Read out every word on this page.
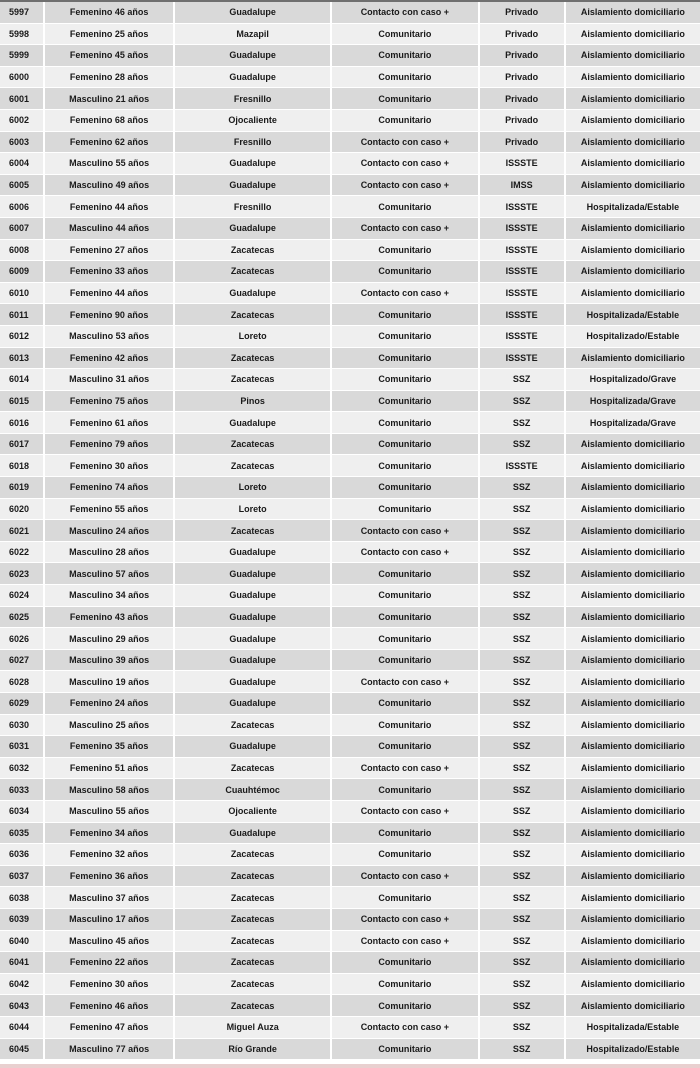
5997	Femenino 46 años	Guadalupe	Contacto con caso +	Privado	Aislamiento domiciliario
5998	Femenino 25 años	Mazapil	Comunitario	Privado	Aislamiento domiciliario
5999	Femenino 45 años	Guadalupe	Comunitario	Privado	Aislamiento domiciliario
6000	Femenino 28 años	Guadalupe	Comunitario	Privado	Aislamiento domiciliario
6001	Masculino 21 años	Fresnillo	Comunitario	Privado	Aislamiento domiciliario
6002	Femenino 68 años	Ojocaliente	Comunitario	Privado	Aislamiento domiciliario
6003	Femenino 62 años	Fresnillo	Contacto con caso +	Privado	Aislamiento domiciliario
6004	Masculino 55 años	Guadalupe	Contacto con caso +	ISSSTE	Aislamiento domiciliario
6005	Masculino 49 años	Guadalupe	Contacto con caso +	IMSS	Aislamiento domiciliario
6006	Femenino 44 años	Fresnillo	Comunitario	ISSSTE	Hospitalizada/Estable
6007	Masculino 44 años	Guadalupe	Contacto con caso +	ISSSTE	Aislamiento domiciliario
6008	Femenino 27 años	Zacatecas	Comunitario	ISSSTE	Aislamiento domiciliario
6009	Femenino 33 años	Zacatecas	Comunitario	ISSSTE	Aislamiento domiciliario
6010	Femenino 44 años	Guadalupe	Contacto con caso +	ISSSTE	Aislamiento domiciliario
6011	Femenino 90 años	Zacatecas	Comunitario	ISSSTE	Hospitalizada/Estable
6012	Masculino 53 años	Loreto	Comunitario	ISSSTE	Hospitalizado/Estable
6013	Femenino 42 años	Zacatecas	Comunitario	ISSSTE	Aislamiento domiciliario
6014	Masculino 31 años	Zacatecas	Comunitario	SSZ	Hospitalizado/Grave
6015	Femenino 75 años	Pinos	Comunitario	SSZ	Hospitalizada/Grave
6016	Femenino 61 años	Guadalupe	Comunitario	SSZ	Hospitalizada/Grave
6017	Femenino 79 años	Zacatecas	Comunitario	SSZ	Aislamiento domiciliario
6018	Femenino 30 años	Zacatecas	Comunitario	ISSSTE	Aislamiento domiciliario
6019	Femenino 74 años	Loreto	Comunitario	SSZ	Aislamiento domiciliario
6020	Femenino 55 años	Loreto	Comunitario	SSZ	Aislamiento domiciliario
6021	Masculino 24 años	Zacatecas	Contacto con caso +	SSZ	Aislamiento domiciliario
6022	Masculino 28 años	Guadalupe	Contacto con caso +	SSZ	Aislamiento domiciliario
6023	Masculino 57 años	Guadalupe	Comunitario	SSZ	Aislamiento domiciliario
6024	Masculino 34 años	Guadalupe	Comunitario	SSZ	Aislamiento domiciliario
6025	Femenino 43 años	Guadalupe	Comunitario	SSZ	Aislamiento domiciliario
6026	Masculino 29 años	Guadalupe	Comunitario	SSZ	Aislamiento domiciliario
6027	Masculino 39 años	Guadalupe	Comunitario	SSZ	Aislamiento domiciliario
6028	Masculino 19 años	Guadalupe	Contacto con caso +	SSZ	Aislamiento domiciliario
6029	Femenino 24 años	Guadalupe	Comunitario	SSZ	Aislamiento domiciliario
6030	Masculino 25 años	Zacatecas	Comunitario	SSZ	Aislamiento domiciliario
6031	Femenino 35 años	Guadalupe	Comunitario	SSZ	Aislamiento domiciliario
6032	Femenino 51 años	Zacatecas	Contacto con caso +	SSZ	Aislamiento domiciliario
6033	Masculino 58 años	Cuauhtémoc	Comunitario	SSZ	Aislamiento domiciliario
6034	Masculino 55 años	Ojocaliente	Contacto con caso +	SSZ	Aislamiento domiciliario
6035	Femenino 34 años	Guadalupe	Comunitario	SSZ	Aislamiento domiciliario
6036	Femenino 32 años	Zacatecas	Comunitario	SSZ	Aislamiento domiciliario
6037	Femenino 36 años	Zacatecas	Contacto con caso +	SSZ	Aislamiento domiciliario
6038	Masculino 37 años	Zacatecas	Comunitario	SSZ	Aislamiento domiciliario
6039	Masculino 17 años	Zacatecas	Contacto con caso +	SSZ	Aislamiento domiciliario
6040	Masculino 45 años	Zacatecas	Contacto con caso +	SSZ	Aislamiento domiciliario
6041	Femenino 22 años	Zacatecas	Comunitario	SSZ	Aislamiento domiciliario
6042	Femenino 30 años	Zacatecas	Comunitario	SSZ	Aislamiento domiciliario
6043	Femenino 46 años	Zacatecas	Comunitario	SSZ	Aislamiento domiciliario
6044	Femenino 47 años	Miguel Auza	Contacto con caso +	SSZ	Hospitalizada/Estable
6045	Masculino 77 años	Río Grande	Comunitario	SSZ	Hospitalizado/Estable
